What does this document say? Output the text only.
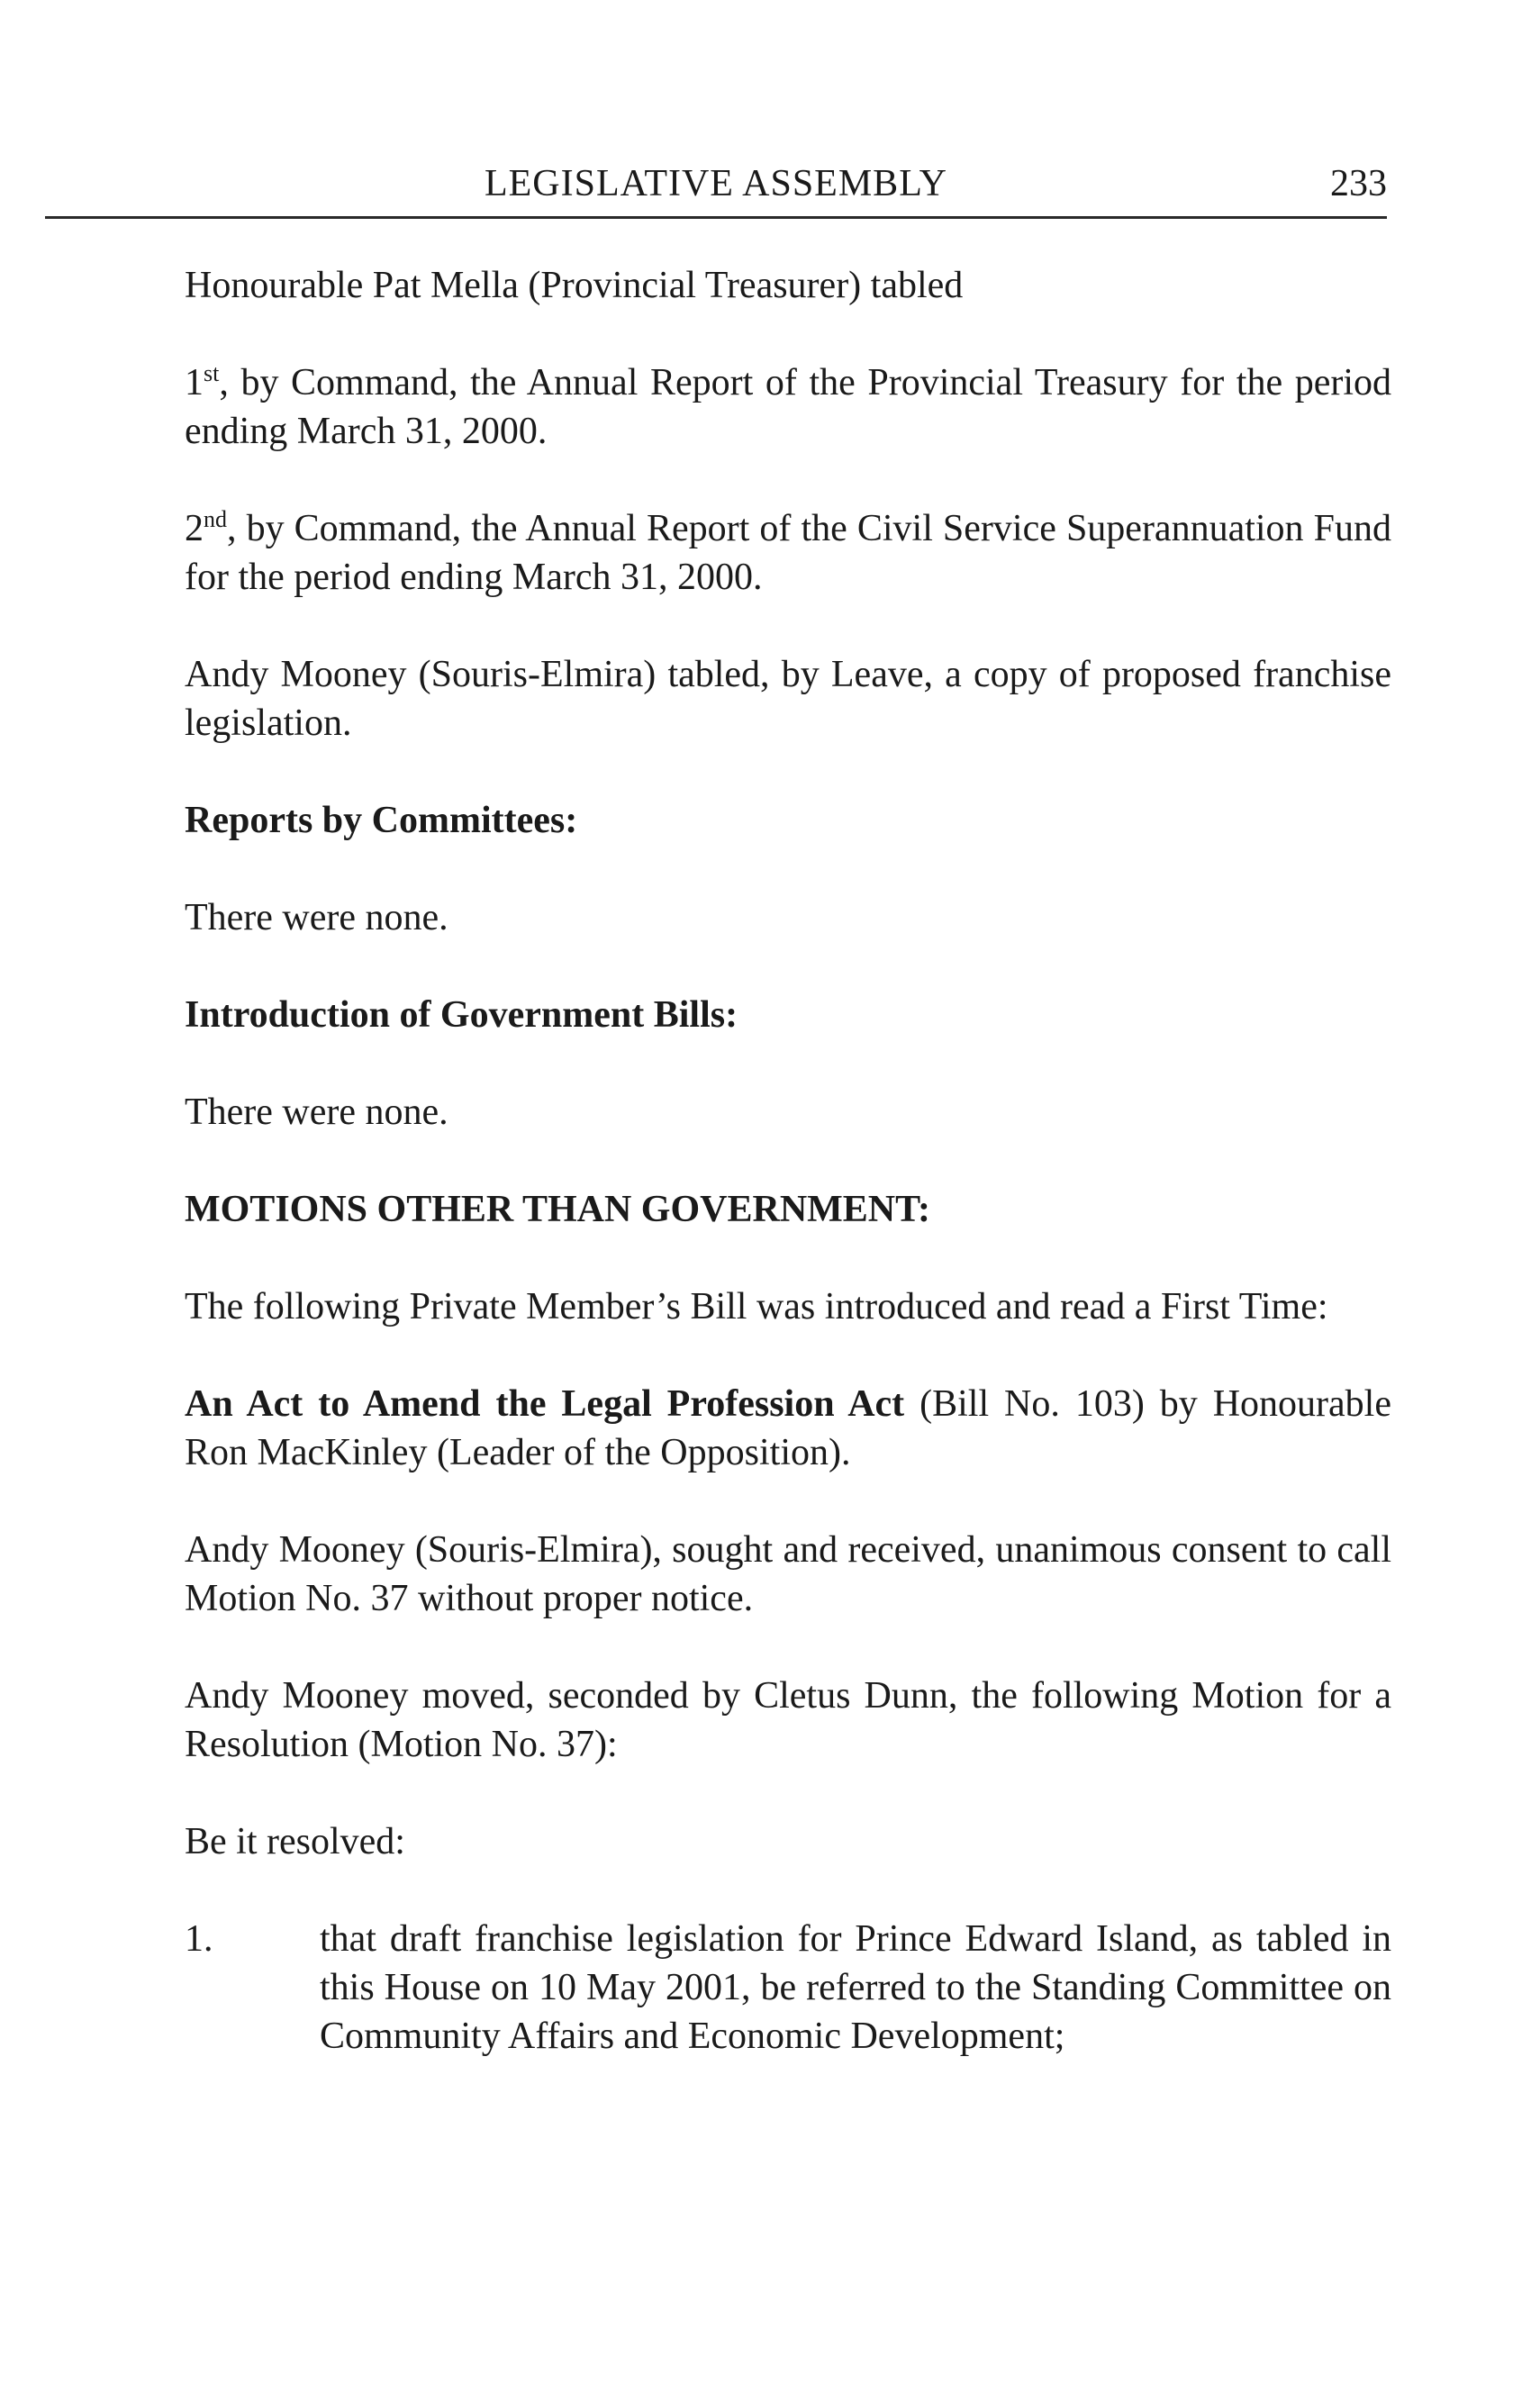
LEGISLATIVE ASSEMBLY	233

Honourable Pat Mella (Provincial Treasurer) tabled

1st, by Command, the Annual Report of the Provincial Treasury for the period ending March 31, 2000.

2nd, by Command, the Annual Report of the Civil Service Superannuation Fund for the period ending March 31, 2000.

Andy Mooney (Souris-Elmira) tabled, by Leave, a copy of proposed franchise legislation.

Reports by Committees:

There were none.

Introduction of Government Bills:

There were none.

MOTIONS OTHER THAN GOVERNMENT:

The following Private Member’s Bill was introduced and read a First Time:

An Act to Amend the Legal Profession Act (Bill No. 103) by Honourable Ron MacKinley (Leader of the Opposition).

Andy Mooney (Souris-Elmira), sought and received, unanimous consent to call Motion No. 37 without proper notice.

Andy Mooney moved, seconded by Cletus Dunn, the following Motion for a Resolution (Motion No. 37):

Be it resolved:

1.	that draft franchise legislation for Prince Edward Island, as tabled in this House on 10 May 2001, be referred to the Standing Committee on Community Affairs and Economic Development;
